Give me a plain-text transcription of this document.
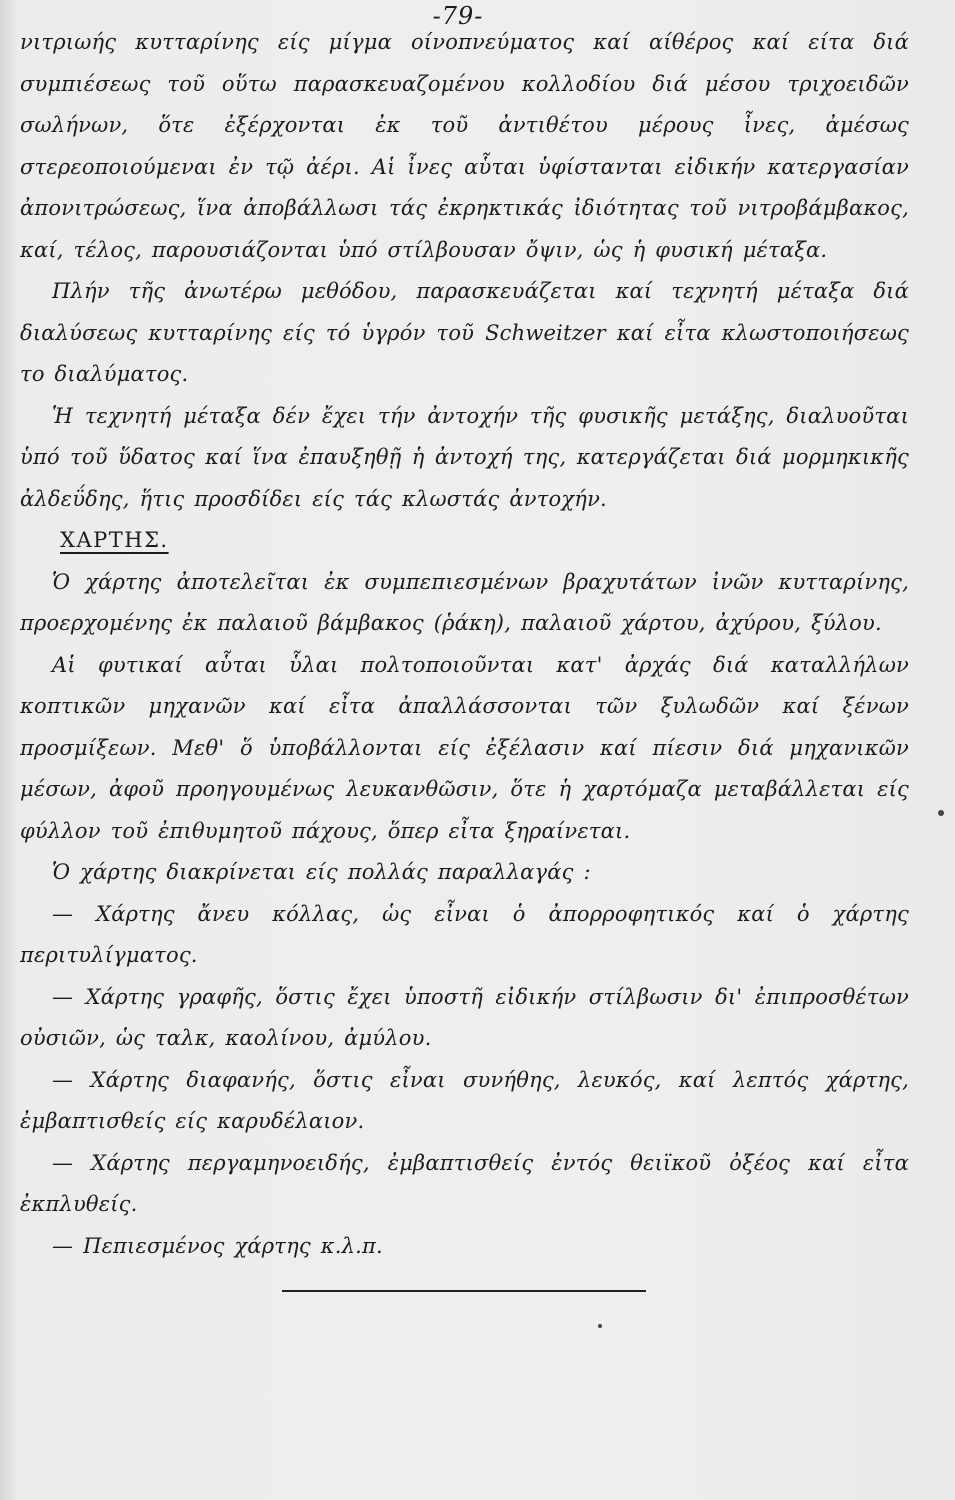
-79-

νιτριωής κυτταρίνης είς μίγμα οίνοπνεύματος καί αίθέρος καί είτα διά συμπιέσεως τοῦ οὕτω παρασκευαζομένου κολλοδίου διά μέσου τριχοειδῶν σωλήνων, ὅτε ἐξέρχονται ἐκ τοῦ ἀντιθέτου μέρους ἶνες, ἀμέσως στερεοποιούμεναι ἐν τῷ ἀέρι. Αἱ ἶνες αὗται ὑφίστανται εἰδικήν κατεργασίαν ἀπονιτρώσεως, ἵνα ἀποβάλλωσι τάς ἐκρηκτικάς ἰδιότητας τοῦ νιτροβάμβακος, καί, τέλος, παρουσιάζονται ὑπό στίλβουσαν ὄψιν, ὡς ἡ φυσική μέταξα.

Πλήν τῆς ἀνωτέρω μεθόδου, παρασκευάζεται καί τεχνητή μέταξα διά διαλύσεως κυτταρίνης είς τό ὑγρόν τοῦ Schweitzer καί εἶτα κλωστοποιήσεως το διαλύματος.

Ἡ τεχνητή μέταξα δέν ἔχει τήν ἀντοχήν τῆς φυσικῆς μετάξης, διαλυοῦται ὑπό τοῦ ὕδατος καί ἵνα ἐπαυξηθῇ ἡ ἀντοχή της, κατεργάζεται διά μορμηκικῆς ἀλδεΰδης, ἥτις προσδίδει είς τάς κλωστάς ἀντοχήν.

ΧΑΡΤΗΣ.

Ὁ χάρτης ἀποτελεῖται ἐκ συμπεπιεσμένων βραχυτάτων ἰνῶν κυτταρίνης, προερχομένης ἐκ παλαιοῦ βάμβακος (ῥάκη), παλαιοῦ χάρτου, ἀχύρου, ξύλου.

Αἱ φυτικαί αὗται ὗλαι πολτοποιοῦνται κατ' ἀρχάς διά καταλλήλων κοπτικῶν μηχανῶν καί εἶτα ἀπαλλάσσονται τῶν ξυλωδῶν καί ξένων προσμίξεων. Μεθ' ὅ ὑποβάλλονται είς ἐξέλασιν καί πίεσιν διά μηχανικῶν μέσων, ἀφοῦ προηγουμένως λευκανθῶσιν, ὅτε ἡ χαρτόμαζα μεταβάλλεται είς φύλλον τοῦ ἐπιθυμητοῦ πάχους, ὅπερ εἶτα ξηραίνεται.

Ὁ χάρτης διακρίνεται είς πολλάς παραλλαγάς :

— Χάρτης ἄνευ κόλλας, ὡς εἶναι ὁ ἀπορροφητικός καί ὁ χάρτης περιτυλίγματος.

— Χάρτης γραφῆς, ὅστις ἔχει ὑποστῆ εἰδικήν στίλβωσιν δι' ἐπιπροσθέτων οὐσιῶν, ὡς ταλκ, καολίνου, ἀμύλου.

— Χάρτης διαφανής, ὅστις εἶναι συνήθης, λευκός, καί λεπτός χάρτης, ἐμβαπτισθείς είς καρυδέλαιον.

— Χάρτης περγαμηνοειδής, ἐμβαπτισθείς ἐντός θειϊκοῦ ὀξέος καί εἶτα ἐκπλυθείς.

— Πεπιεσμένος χάρτης κ.λ.π.
